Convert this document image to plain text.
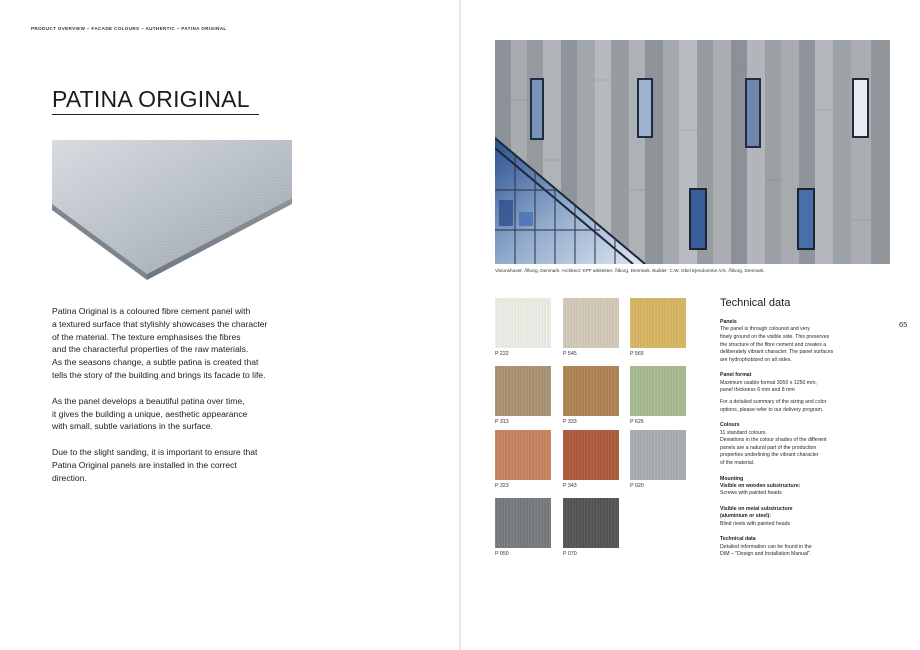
PRODUCT OVERVIEW – FACADE COLOURS – AUTHENTIC – PATINA ORIGINAL
PATINA ORIGINAL

Patina Original is a coloured fibre cement panel with
a textured surface that stylishly showcases the character
of the material. The texture emphasises the fibres
and the characterful properties of the raw materials.
As the seasons change, a subtle patina is created that
tells the story of the building and brings its facade to life.

As the panel develops a beautiful patina over time,
it gives the building a unique, aesthetic appearance
with small, subtle variations in the surface.

Due to the slight sanding, it is important to ensure that
Patina Original panels are installed in the correct
direction.

Visionshuset, Ålborg, Denmark. Architect: KPF arkitekter, Ålborg, Denmark. Builder: C.W. Obel Ejendomme A/S, Ålborg, Denmark.
P 222	P 545	P 565
P 313	P 333	P 626
P 323	P 343	P 020
P 050	P 070
Technical data
Panels

The panel is through coloured and very
finely ground on the visible side. This preserves
the structure of the fibre cement and creates a
deliberately vibrant character. The panel surfaces
are hydrophobized on all sides.

Panel format

Maximum usable format 3050 x 1250 mm,
panel thickness 6 mm and 8 mm

For a detailed summary of the sizing and color
options, please refer to our delivery program.

Colours

11 standard colours.
Deviations in the colour shades of the different
panels are a natural part of the production
properties underlining the vibrant character
of the material.

Mounting
Visible on wooden substructure:

Screws with painted heads

Visible on metal substructure
(aluminium or steel):

Blind rivets with painted heads

Technical data

Detailed information can be found in the
DIM – "Design and Installation Manual".

65
